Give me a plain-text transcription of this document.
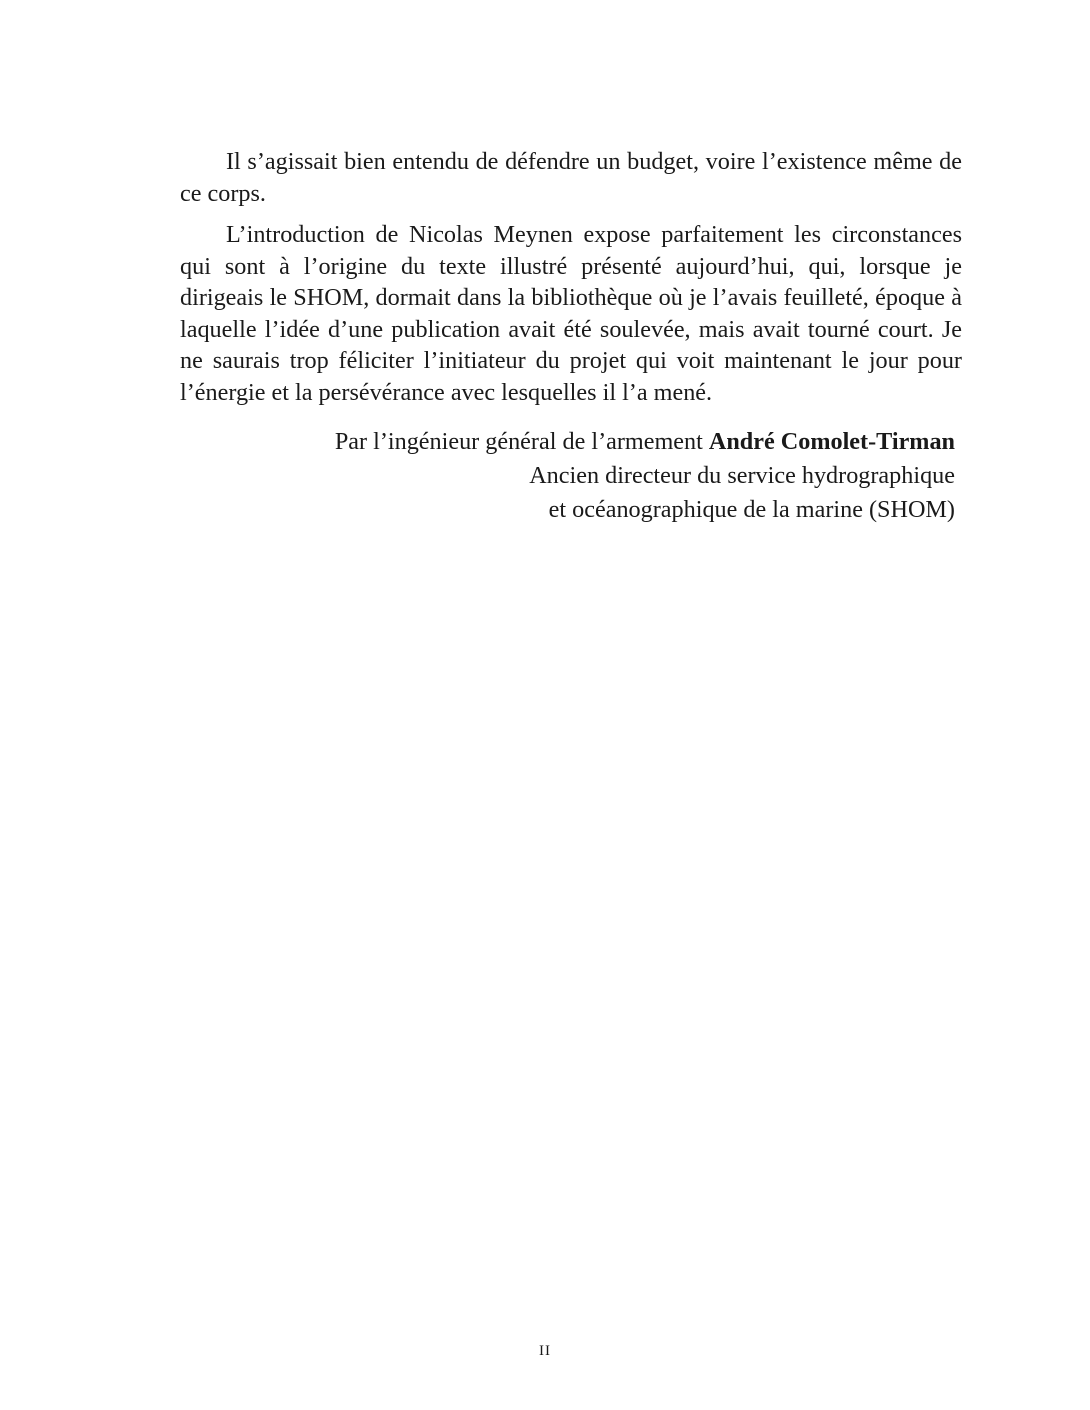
Il s’agissait bien entendu de défendre un budget, voire l’existence même de ce corps.

L’introduction de Nicolas Meynen expose parfaitement les circonstances qui sont à l’origine du texte illustré présenté aujourd’hui, qui, lorsque je dirigeais le SHOM, dormait dans la bibliothèque où je l’avais feuilleté, époque à laquelle l’idée d’une publication avait été soulevée, mais avait tourné court. Je ne saurais trop féliciter l’initiateur du projet qui voit maintenant le jour pour l’énergie et la persévérance avec lesquelles il l’a mené.

Par l’ingénieur général de l’armement André Comolet-Tirman
Ancien directeur du service hydrographique
et océanographique de la marine (SHOM)
II
